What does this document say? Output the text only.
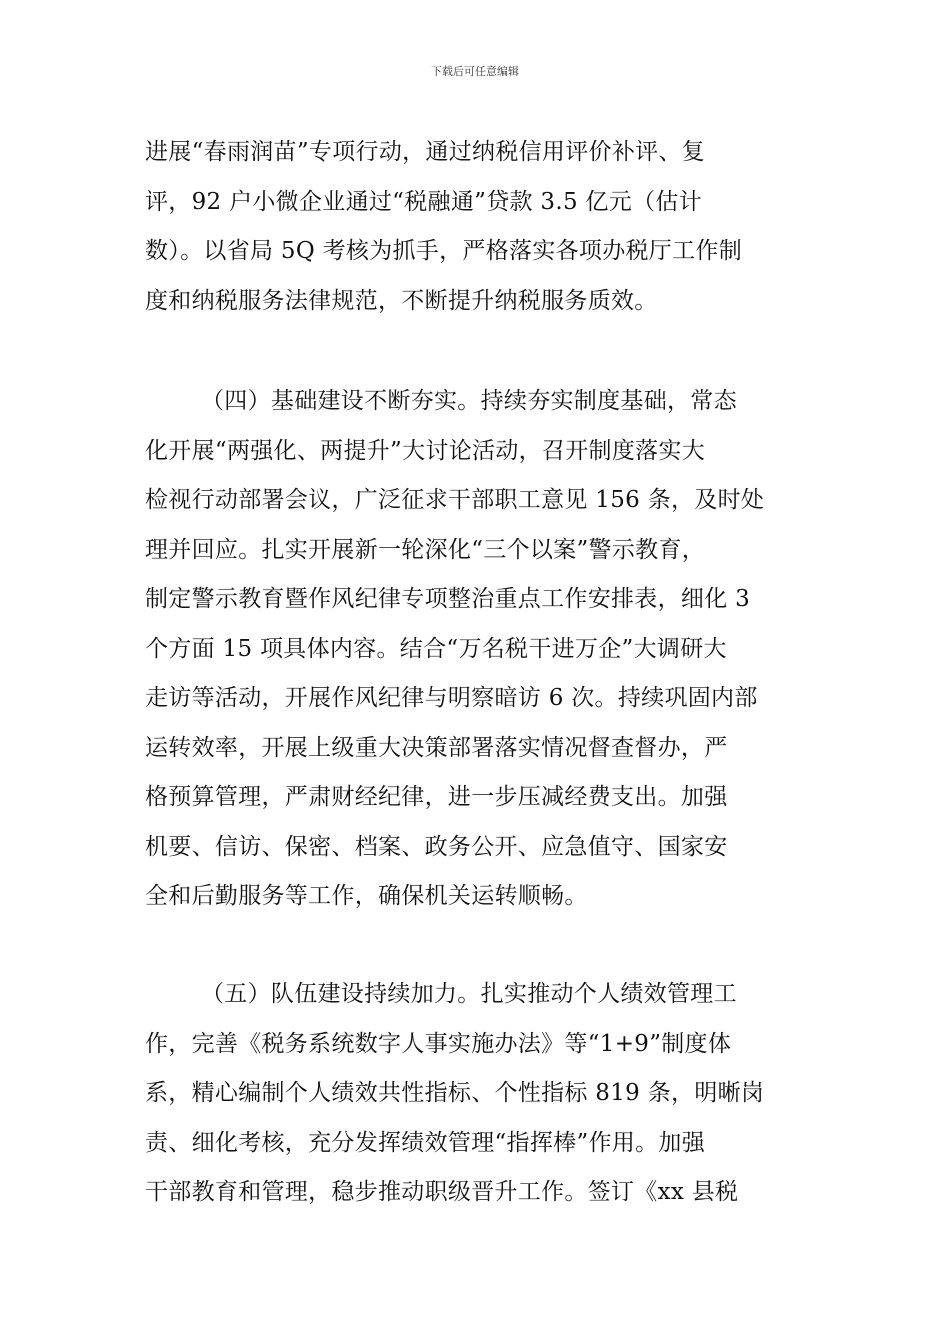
下载后可任意编辑

进展“春雨润苗”专项行动，通过纳税信用评价补评、复
评，92 户小微企业通过“税融通”贷款 3.5 亿元（估计
数）。以省局 5Q 考核为抓手，严格落实各项办税厅工作制
度和纳税服务法律规范，不断提升纳税服务质效。

（四）基础建设不断夯实。持续夯实制度基础，常态
化开展“两强化、两提升”大讨论活动，召开制度落实大
检视行动部署会议，广泛征求干部职工意见 156 条，及时处
理并回应。扎实开展新一轮深化“三个以案”警示教育，
制定警示教育暨作风纪律专项整治重点工作安排表，细化 3
个方面 15 项具体内容。结合“万名税干进万企”大调研大
走访等活动，开展作风纪律与明察暗访 6 次。持续巩固内部
运转效率，开展上级重大决策部署落实情况督查督办，严
格预算管理，严肃财经纪律，进一步压减经费支出。加强
机要、信访、保密、档案、政务公开、应急值守、国家安
全和后勤服务等工作，确保机关运转顺畅。

（五）队伍建设持续加力。扎实推动个人绩效管理工
作，完善《税务系统数字人事实施办法》等“1+9”制度体
系，精心编制个人绩效共性指标、个性指标 819 条，明晰岗
责、细化考核，充分发挥绩效管理“指挥棒”作用。加强
干部教育和管理，稳步推动职级晋升工作。签订《xx 县税
